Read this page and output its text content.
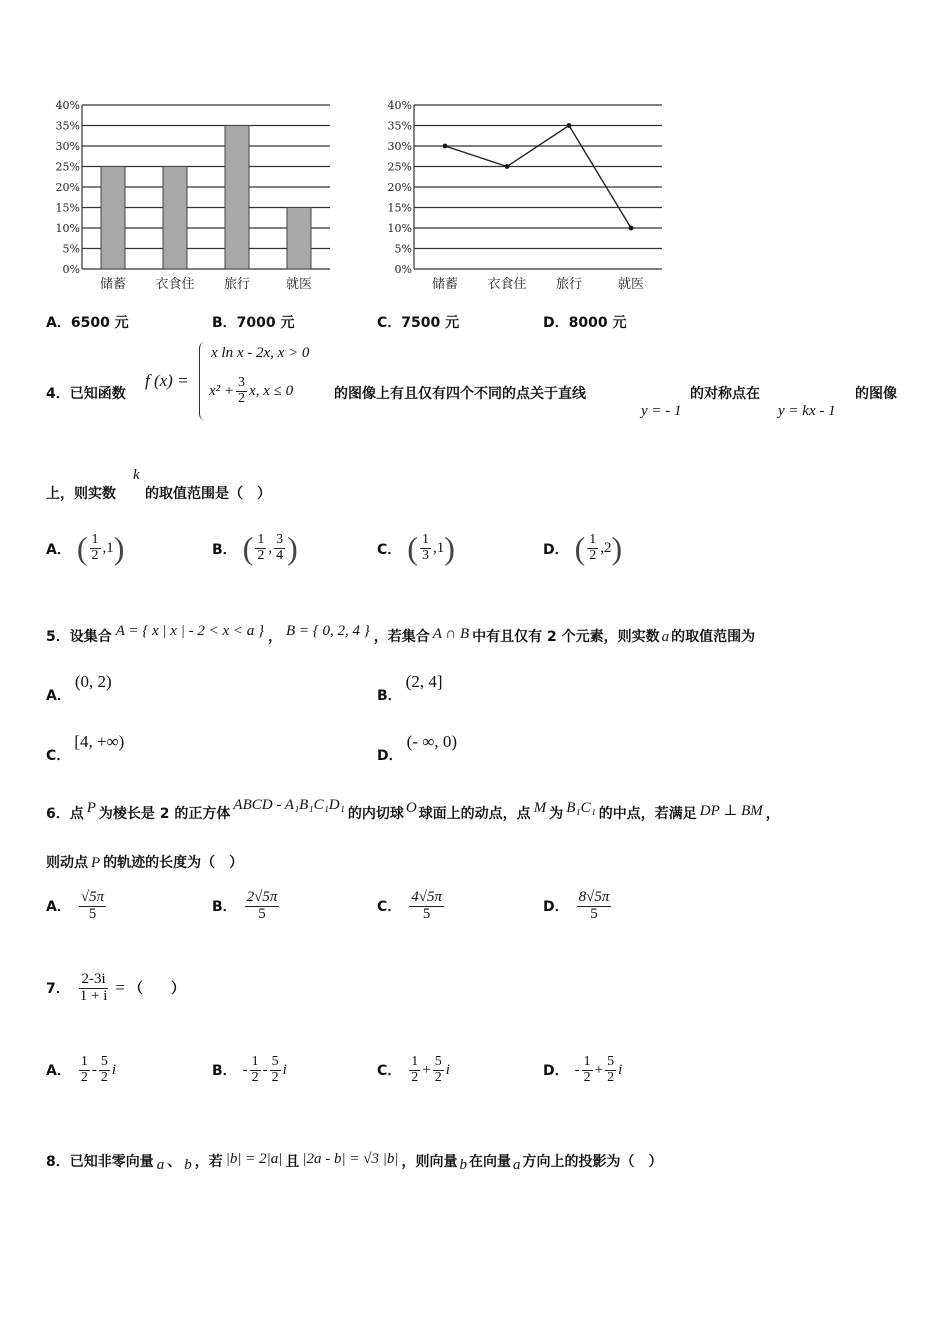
0%
5%
10%
15%
20%
25%
30%
35%
40%
储蓄 衣食住 旅行	就医
0%
5%
10%
15%
20%
25%
30%
35%
40%
储蓄 衣食住 旅行	就医
A．6500 元	B．7000 元	C．7500 元	D．8000 元
4．已知函数
f (x) =
x ln x - 2x, x > 0
$x^2 + \frac{3}{2} x$, x ≤ 0	的图像上有且仅有四个不同的点关于直线
y = - 1
的对称点在
y = kx - 1
的图像
上，则实数
k
的取值范围是（　）
A． ( $\frac{1}{2} ,1$ )	B． ( $\frac{1}{2}$ , $\frac{3}{4}$ )	C． ( $\frac{1}{3} ,1$ )	D． ( $\frac{1}{2} ,2$ )
5． 设集合 A = { x | x | - 2 < x < a } ， B = { 0, 2, 4 } ，若集合 A ∩ B 中有且仅有 2 个元素，则实数 a 的取值范围为
A．
(0, 2)
B．
(2, 4]
C．
[4, +∞)
D．
(- ∞, 0)
6． 点 P 为棱长是 2 的正方体
ABCD - A₁B₁C₁D₁
的内切球 O 球面上的动点，点 M 为 B₁C₁ 的中点，若满足 DP ⊥ BM ，
则动点 P 的轨迹的长度为（　）
A． $\frac{√5\pi}{5}$	B． $\frac{2√5\pi}{5}$	C． $\frac{4√5\pi}{5}$	D． $\frac{8√5\pi}{5}$
7． $\frac{2-3i}{1 + i}$ = （　　）
A． $\frac{1}{2} - \frac{5}{2}$ i	B． - $\frac{1}{2} - \frac{5}{2}$ i	C． $\frac{1}{2} + \frac{5}{2}$ i	D． - $\frac{1}{2} + \frac{5}{2}$ i
8． 已知非零向量 a 、 b ，若 |b| = 2|a| 且 |2a - b| = √3 |b| ，则向量 b 在向量 a 方向上的投影为（　）
